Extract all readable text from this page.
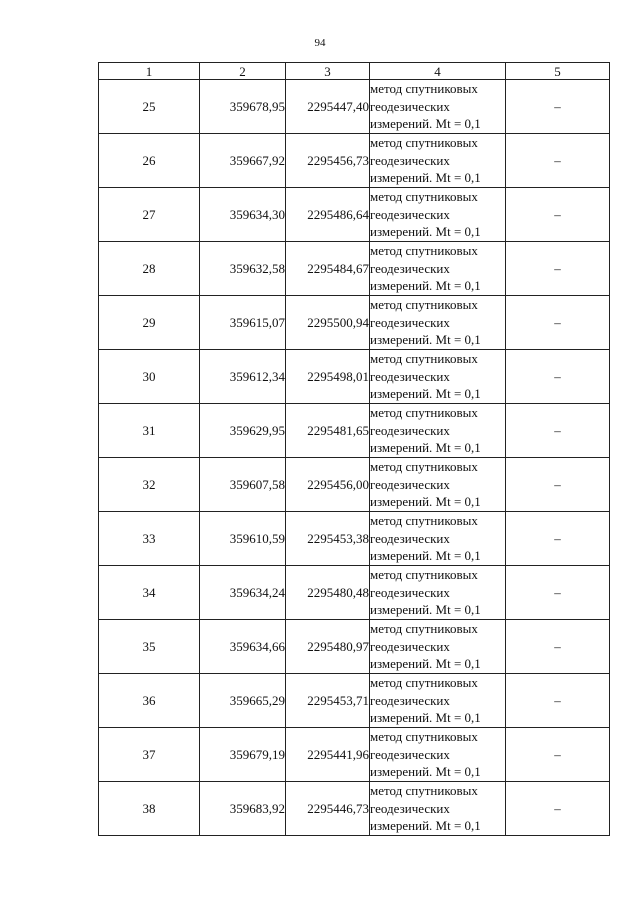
94
1	2	3	4	5
25	359678,95	2295447,40	метод спутниковых
геодезических
измерений. Mt = 0,1	–
26	359667,92	2295456,73	метод спутниковых
геодезических
измерений. Mt = 0,1	–
27	359634,30	2295486,64	метод спутниковых
геодезических
измерений. Mt = 0,1	–
28	359632,58	2295484,67	метод спутниковых
геодезических
измерений. Mt = 0,1	–
29	359615,07	2295500,94	метод спутниковых
геодезических
измерений. Mt = 0,1	–
30	359612,34	2295498,01	метод спутниковых
геодезических
измерений. Mt = 0,1	–
31	359629,95	2295481,65	метод спутниковых
геодезических
измерений. Mt = 0,1	–
32	359607,58	2295456,00	метод спутниковых
геодезических
измерений. Mt = 0,1	–
33	359610,59	2295453,38	метод спутниковых
геодезических
измерений. Mt = 0,1	–
34	359634,24	2295480,48	метод спутниковых
геодезических
измерений. Mt = 0,1	–
35	359634,66	2295480,97	метод спутниковых
геодезических
измерений. Mt = 0,1	–
36	359665,29	2295453,71	метод спутниковых
геодезических
измерений. Mt = 0,1	–
37	359679,19	2295441,96	метод спутниковых
геодезических
измерений. Mt = 0,1	–
38	359683,92	2295446,73	метод спутниковых
геодезических
измерений. Mt = 0,1	–
